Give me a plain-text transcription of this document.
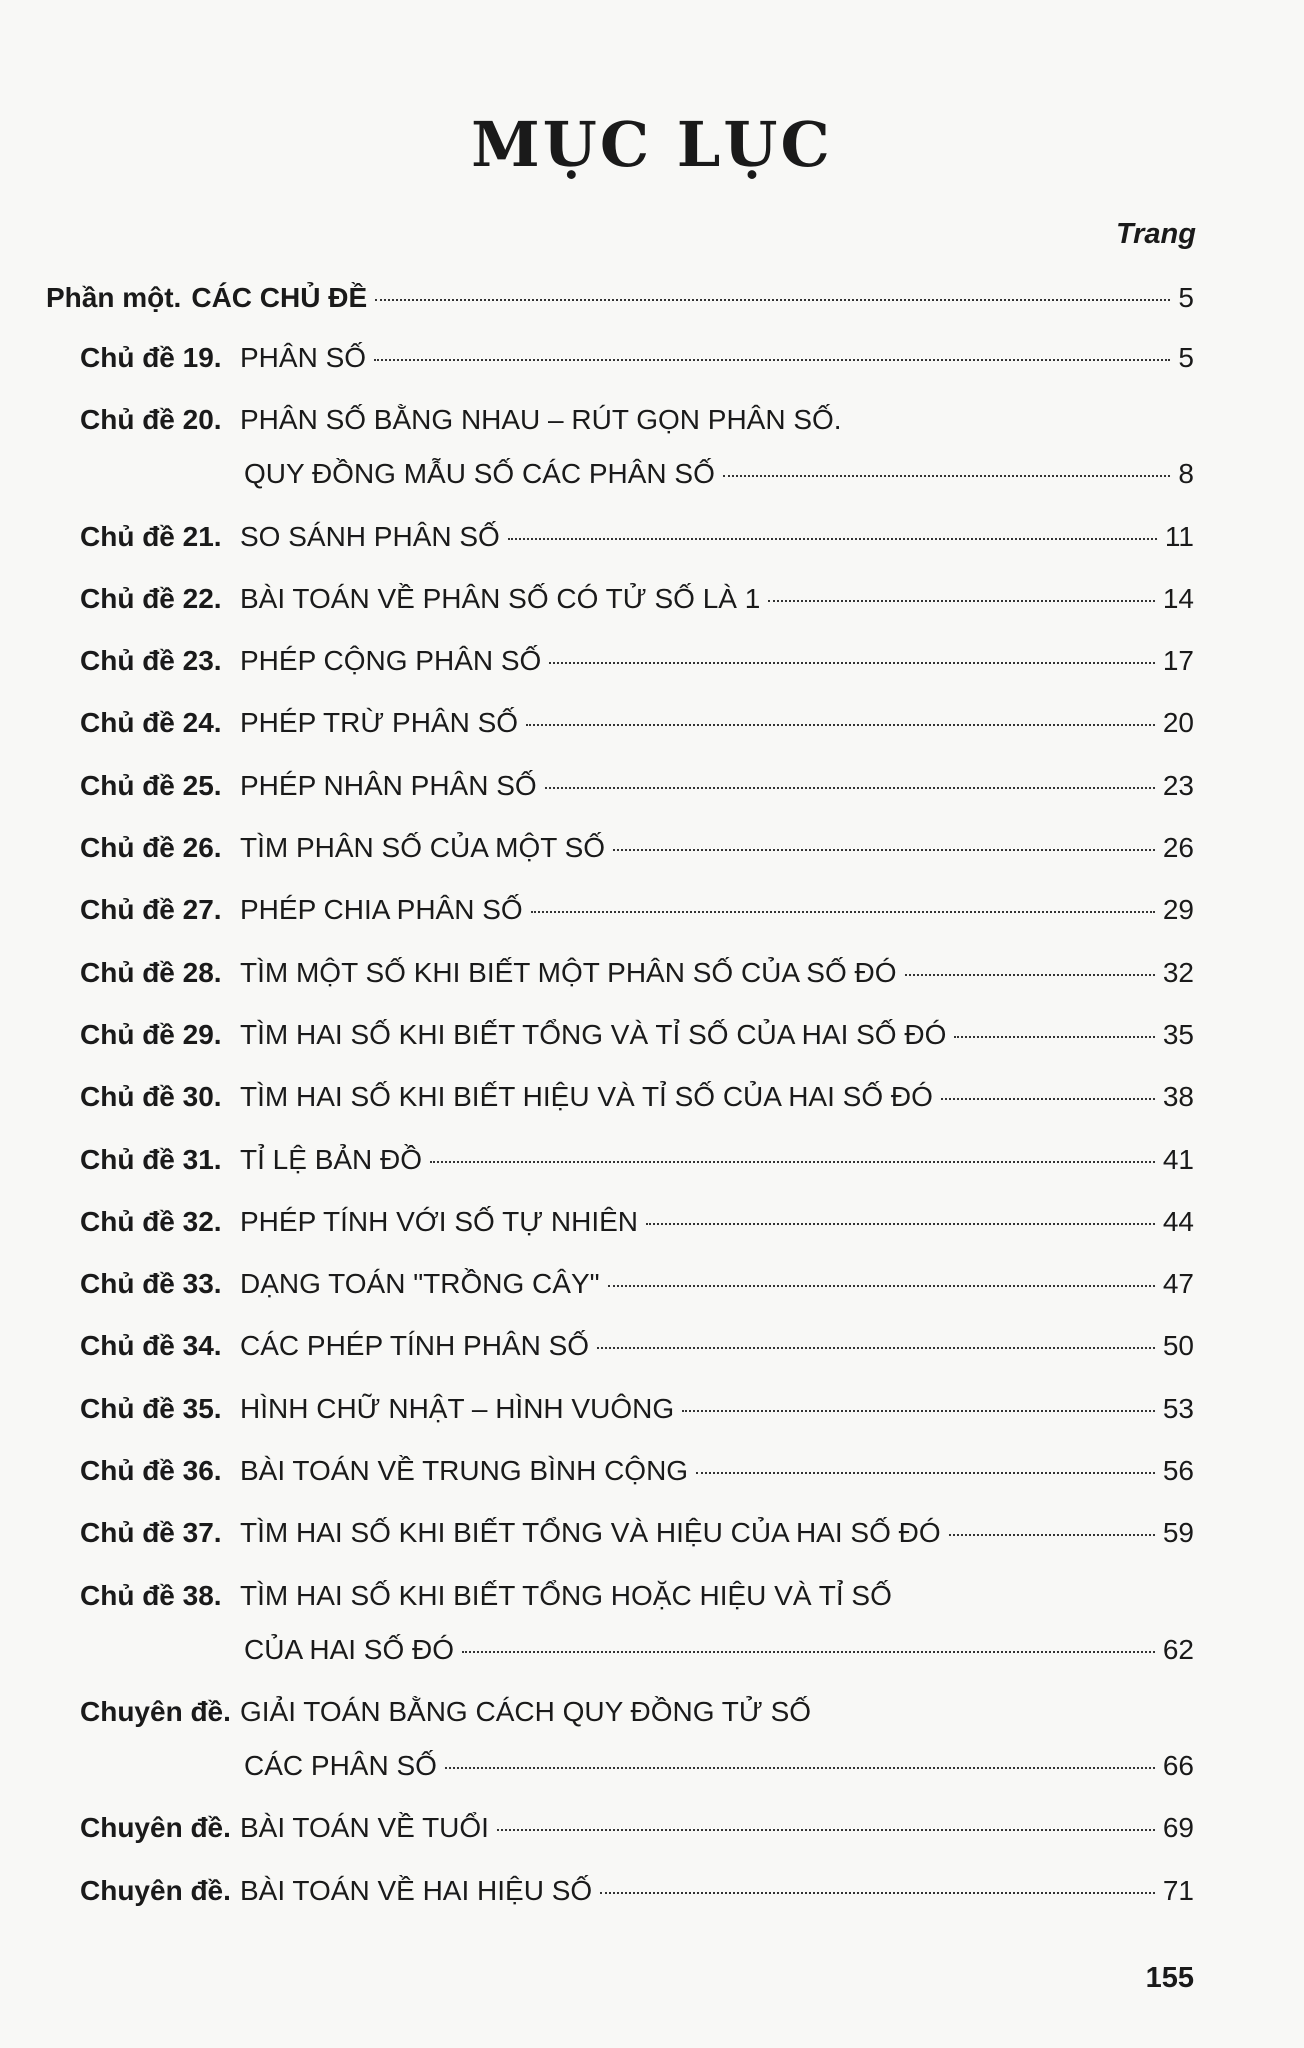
MỤC LỤC
Trang
Phần một. CÁC CHỦ ĐỀ	5
Chủ đề 19. PHÂN SỐ	5
Chủ đề 20. PHÂN SỐ BẰNG NHAU – RÚT GỌN PHÂN SỐ.
QUY ĐỒNG MẪU SỐ CÁC PHÂN SỐ	8
Chủ đề 21. SO SÁNH PHÂN SỐ	11
Chủ đề 22. BÀI TOÁN VỀ PHÂN SỐ CÓ TỬ SỐ LÀ 1	14
Chủ đề 23. PHÉP CỘNG PHÂN SỐ	17
Chủ đề 24. PHÉP TRỪ PHÂN SỐ	20
Chủ đề 25. PHÉP NHÂN PHÂN SỐ	23
Chủ đề 26. TÌM PHÂN SỐ CỦA MỘT SỐ	26
Chủ đề 27. PHÉP CHIA PHÂN SỐ	29
Chủ đề 28. TÌM MỘT SỐ KHI BIẾT MỘT PHÂN SỐ CỦA SỐ ĐÓ	32
Chủ đề 29. TÌM HAI SỐ KHI BIẾT TỔNG VÀ TỈ SỐ CỦA HAI SỐ ĐÓ	35
Chủ đề 30. TÌM HAI SỐ KHI BIẾT HIỆU VÀ TỈ SỐ CỦA HAI SỐ ĐÓ	38
Chủ đề 31. TỈ LỆ BẢN ĐỒ	41
Chủ đề 32. PHÉP TÍNH VỚI SỐ TỰ NHIÊN	44
Chủ đề 33. DẠNG TOÁN "TRỒNG CÂY"	47
Chủ đề 34. CÁC PHÉP TÍNH PHÂN SỐ	50
Chủ đề 35. HÌNH CHỮ NHẬT – HÌNH VUÔNG	53
Chủ đề 36. BÀI TOÁN VỀ TRUNG BÌNH CỘNG	56
Chủ đề 37. TÌM HAI SỐ KHI BIẾT TỔNG VÀ HIỆU CỦA HAI SỐ ĐÓ	59
Chủ đề 38. TÌM HAI SỐ KHI BIẾT TỔNG HOẶC HIỆU VÀ TỈ SỐ
CỦA HAI SỐ ĐÓ	62
Chuyên đề. GIẢI TOÁN BẰNG CÁCH QUY ĐỒNG TỬ SỐ
CÁC PHÂN SỐ	66
Chuyên đề. BÀI TOÁN VỀ TUỔI	69
Chuyên đề. BÀI TOÁN VỀ HAI HIỆU SỐ	71
155
